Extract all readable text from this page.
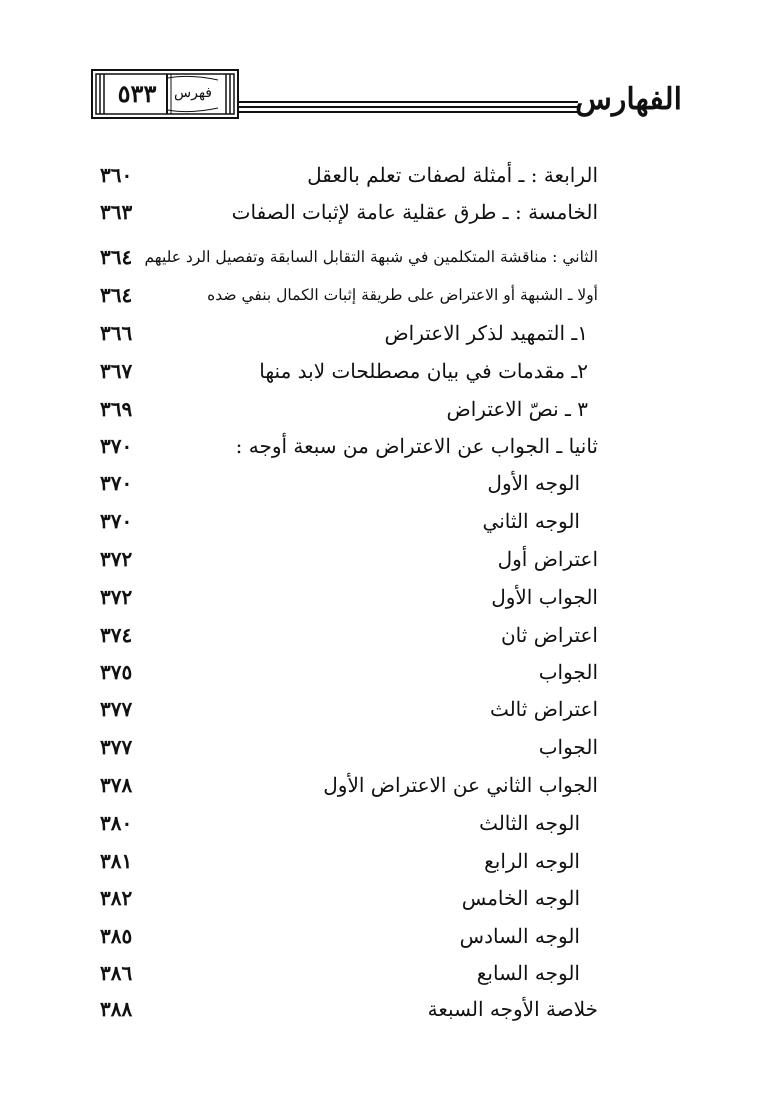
٥٣٣	فهرس	الفهارس
الرابعة : ـ أمثلة لصفات تعلم بالعقل
٣٦٠
الخامسة : ـ طرق عقلية عامة لإثبات الصفات
٣٦٣
الثاني : مناقشة المتكلمين في شبهة التقابل السابقة وتفصيل الرد عليهم
٣٦٤
أولا ـ الشبهة أو الاعتراض على طريقة إثبات الكمال بنفي ضده
٣٦٤
١ـ التمهيد لذكر الاعتراض
٣٦٦
٢ـ مقدمات في بيان مصطلحات لابد منها
٣٦٧
٣ ـ نصّ الاعتراض
٣٦٩
ثانيا ـ الجواب عن الاعتراض من سبعة أوجه :
٣٧٠
الوجه الأول
٣٧٠
الوجه الثاني
٣٧٠
اعتراض أول
٣٧٢
الجواب الأول
٣٧٢
اعتراض ثان
٣٧٤
الجواب
٣٧٥
اعتراض ثالث
٣٧٧
الجواب
٣٧٧
الجواب الثاني عن الاعتراض الأول
٣٧٨
الوجه الثالث
٣٨٠
الوجه الرابع
٣٨١
الوجه الخامس
٣٨٢
الوجه السادس
٣٨٥
الوجه السابع
٣٨٦
خلاصة الأوجه السبعة
٣٨٨
